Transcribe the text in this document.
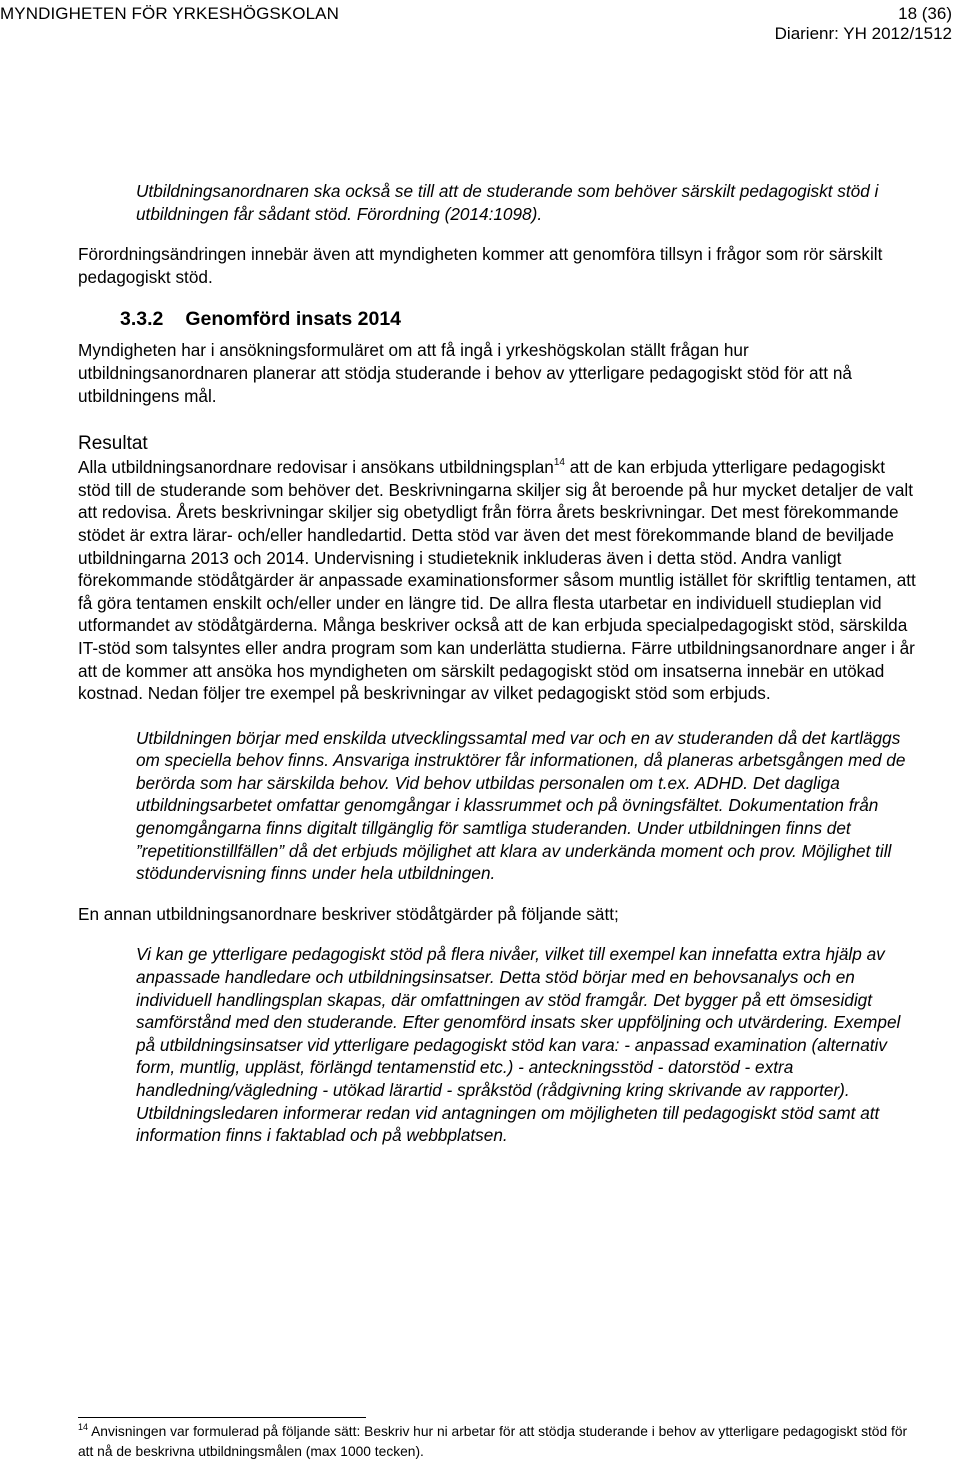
MYNDIGHETEN FÖR YRKESHÖGSKOLAN	18 (36)
Diarienr: YH 2012/1512

Utbildningsanordnaren ska också se till att de studerande som behöver särskilt pedagogiskt stöd i utbildningen får sådant stöd. Förordning (2014:1098).

Förordningsändringen innebär även att myndigheten kommer att genomföra tillsyn i frågor som rör särskilt pedagogiskt stöd.

3.3.2 Genomförd insats 2014

Myndigheten har i ansökningsformuläret om att få ingå i yrkeshögskolan ställt frågan hur utbildningsanordnaren planerar att stödja studerande i behov av ytterligare pedagogiskt stöd för att nå utbildningens mål.

Resultat

Alla utbildningsanordnare redovisar i ansökans utbildningsplan$^{14}$ att de kan erbjuda ytterligare pedagogiskt stöd till de studerande som behöver det. Beskrivningarna skiljer sig åt beroende på hur mycket detaljer de valt att redovisa. Årets beskrivningar skiljer sig obetydligt från förra årets beskrivningar. Det mest förekommande stödet är extra lärar- och/eller handledartid. Detta stöd var även det mest förekommande bland de beviljade utbildningarna 2013 och 2014. Undervisning i studieteknik inkluderas även i detta stöd. Andra vanligt förekommande stödåtgärder är anpassade examinationsformer såsom muntlig istället för skriftlig tentamen, att få göra tentamen enskilt och/eller under en längre tid. De allra flesta utarbetar en individuell studieplan vid utformandet av stödåtgärderna. Många beskriver också att de kan erbjuda specialpedagogiskt stöd, särskilda IT-stöd som talsyntes eller andra program som kan underlätta studierna. Färre utbildningsanordnare anger i år att de kommer att ansöka hos myndigheten om särskilt pedagogiskt stöd om insatserna innebär en utökad kostnad. Nedan följer tre exempel på beskrivningar av vilket pedagogiskt stöd som erbjuds.

Utbildningen börjar med enskilda utvecklingssamtal med var och en av studeranden då det kartläggs om speciella behov finns. Ansvariga instruktörer får informationen, då planeras arbetsgången med de berörda som har särskilda behov. Vid behov utbildas personalen om t.ex. ADHD. Det dagliga utbildningsarbetet omfattar genomgångar i klassrummet och på övningsfältet. Dokumentation från genomgångarna finns digitalt tillgänglig för samtliga studeranden. Under utbildningen finns det ”repetitionstillfällen” då det erbjuds möjlighet att klara av underkända moment och prov. Möjlighet till stödundervisning finns under hela utbildningen.

En annan utbildningsanordnare beskriver stödåtgärder på följande sätt;

Vi kan ge ytterligare pedagogiskt stöd på flera nivåer, vilket till exempel kan innefatta extra hjälp av anpassade handledare och utbildningsinsatser. Detta stöd börjar med en behovsanalys och en individuell handlingsplan skapas, där omfattningen av stöd framgår. Det bygger på ett ömsesidigt samförstånd med den studerande. Efter genomförd insats sker uppföljning och utvärdering. Exempel på utbildningsinsatser vid ytterligare pedagogiskt stöd kan vara: - anpassad examination (alternativ form, muntlig, uppläst, förlängd tentamenstid etc.) - anteckningsstöd - datorstöd - extra handledning/vägledning - utökad lärartid - språkstöd (rådgivning kring skrivande av rapporter). Utbildningsledaren informerar redan vid antagningen om möjligheten till pedagogiskt stöd samt att information finns i faktablad och på webbplatsen.

$^{14}$ Anvisningen var formulerad på följande sätt: Beskriv hur ni arbetar för att stödja studerande i behov av ytterligare pedagogiskt stöd för att nå de beskrivna utbildningsmålen (max 1000 tecken).
